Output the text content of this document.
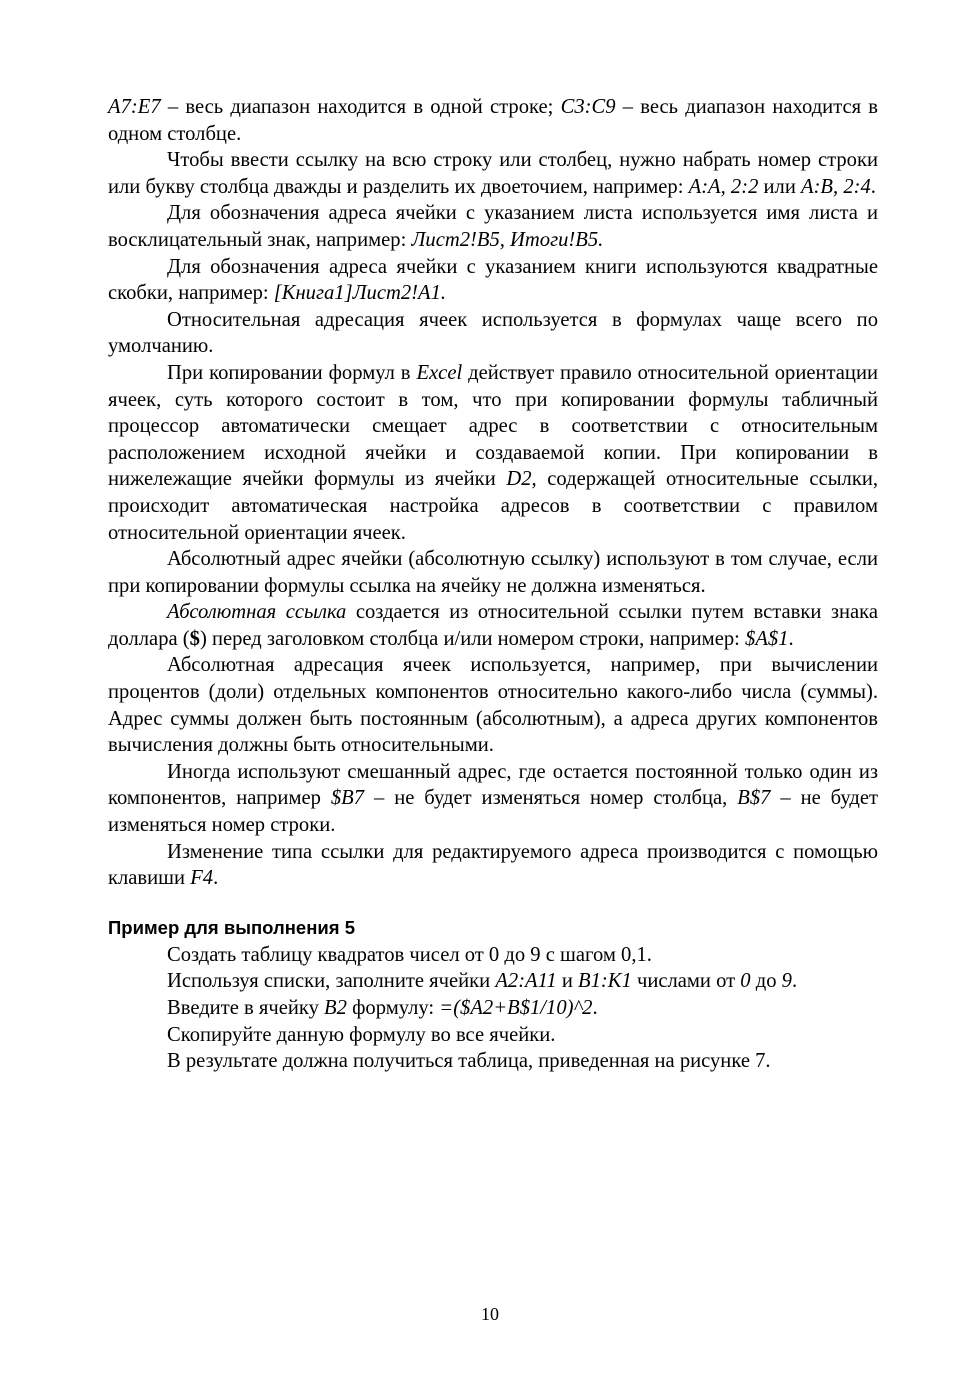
A7:E7 – весь диапазон находится в одной строке; C3:C9 – весь диапазон находится в одном столбце.

Чтобы ввести ссылку на всю строку или столбец, нужно набрать номер строки или букву столбца дважды и разделить их двоеточием, например: A:A, 2:2 или A:B, 2:4.

Для обозначения адреса ячейки с указанием листа используется имя листа и восклицательный знак, например: Лист2!B5, Итоги!B5.

Для обозначения адреса ячейки с указанием книги используются квадратные скобки, например: [Книга1]Лист2!A1.

Относительная адресация ячеек используется в формулах чаще всего по умолчанию.

При копировании формул в Excel действует правило относительной ориентации ячеек, суть которого состоит в том, что при копировании формулы табличный процессор автоматически смещает адрес в соответствии с относительным расположением исходной ячейки и создаваемой копии. При копировании в нижележащие ячейки формулы из ячейки D2, содержащей относительные ссылки, происходит автоматическая настройка адресов в соответствии с правилом относительной ориентации ячеек.

Абсолютный адрес ячейки (абсолютную ссылку) используют в том случае, если при копировании формулы ссылка на ячейку не должна изменяться.

Абсолютная ссылка создается из относительной ссылки путем вставки знака доллара ($) перед заголовком столбца и/или номером строки, например: $A$1.

Абсолютная адресация ячеек используется, например, при вычислении процентов (доли) отдельных компонентов относительно какого-либо числа (суммы). Адрес суммы должен быть постоянным (абсолютным), а адреса других компонентов вычисления должны быть относительными.

Иногда используют смешанный адрес, где остается постоянной только один из компонентов, например $B7 – не будет изменяться номер столбца, B$7 – не будет изменяться номер строки.

Изменение типа ссылки для редактируемого адреса производится с помощью клавиши F4.

Пример для выполнения 5

Создать таблицу квадратов чисел от 0 до 9 с шагом 0,1.

Используя списки, заполните ячейки A2:A11 и B1:K1 числами от 0 до 9.

Введите в ячейку B2 формулу: =($A2+B$1/10)^2.

Скопируйте данную формулу во все ячейки.

В результате должна получиться таблица, приведенная на рисунке 7.

10
